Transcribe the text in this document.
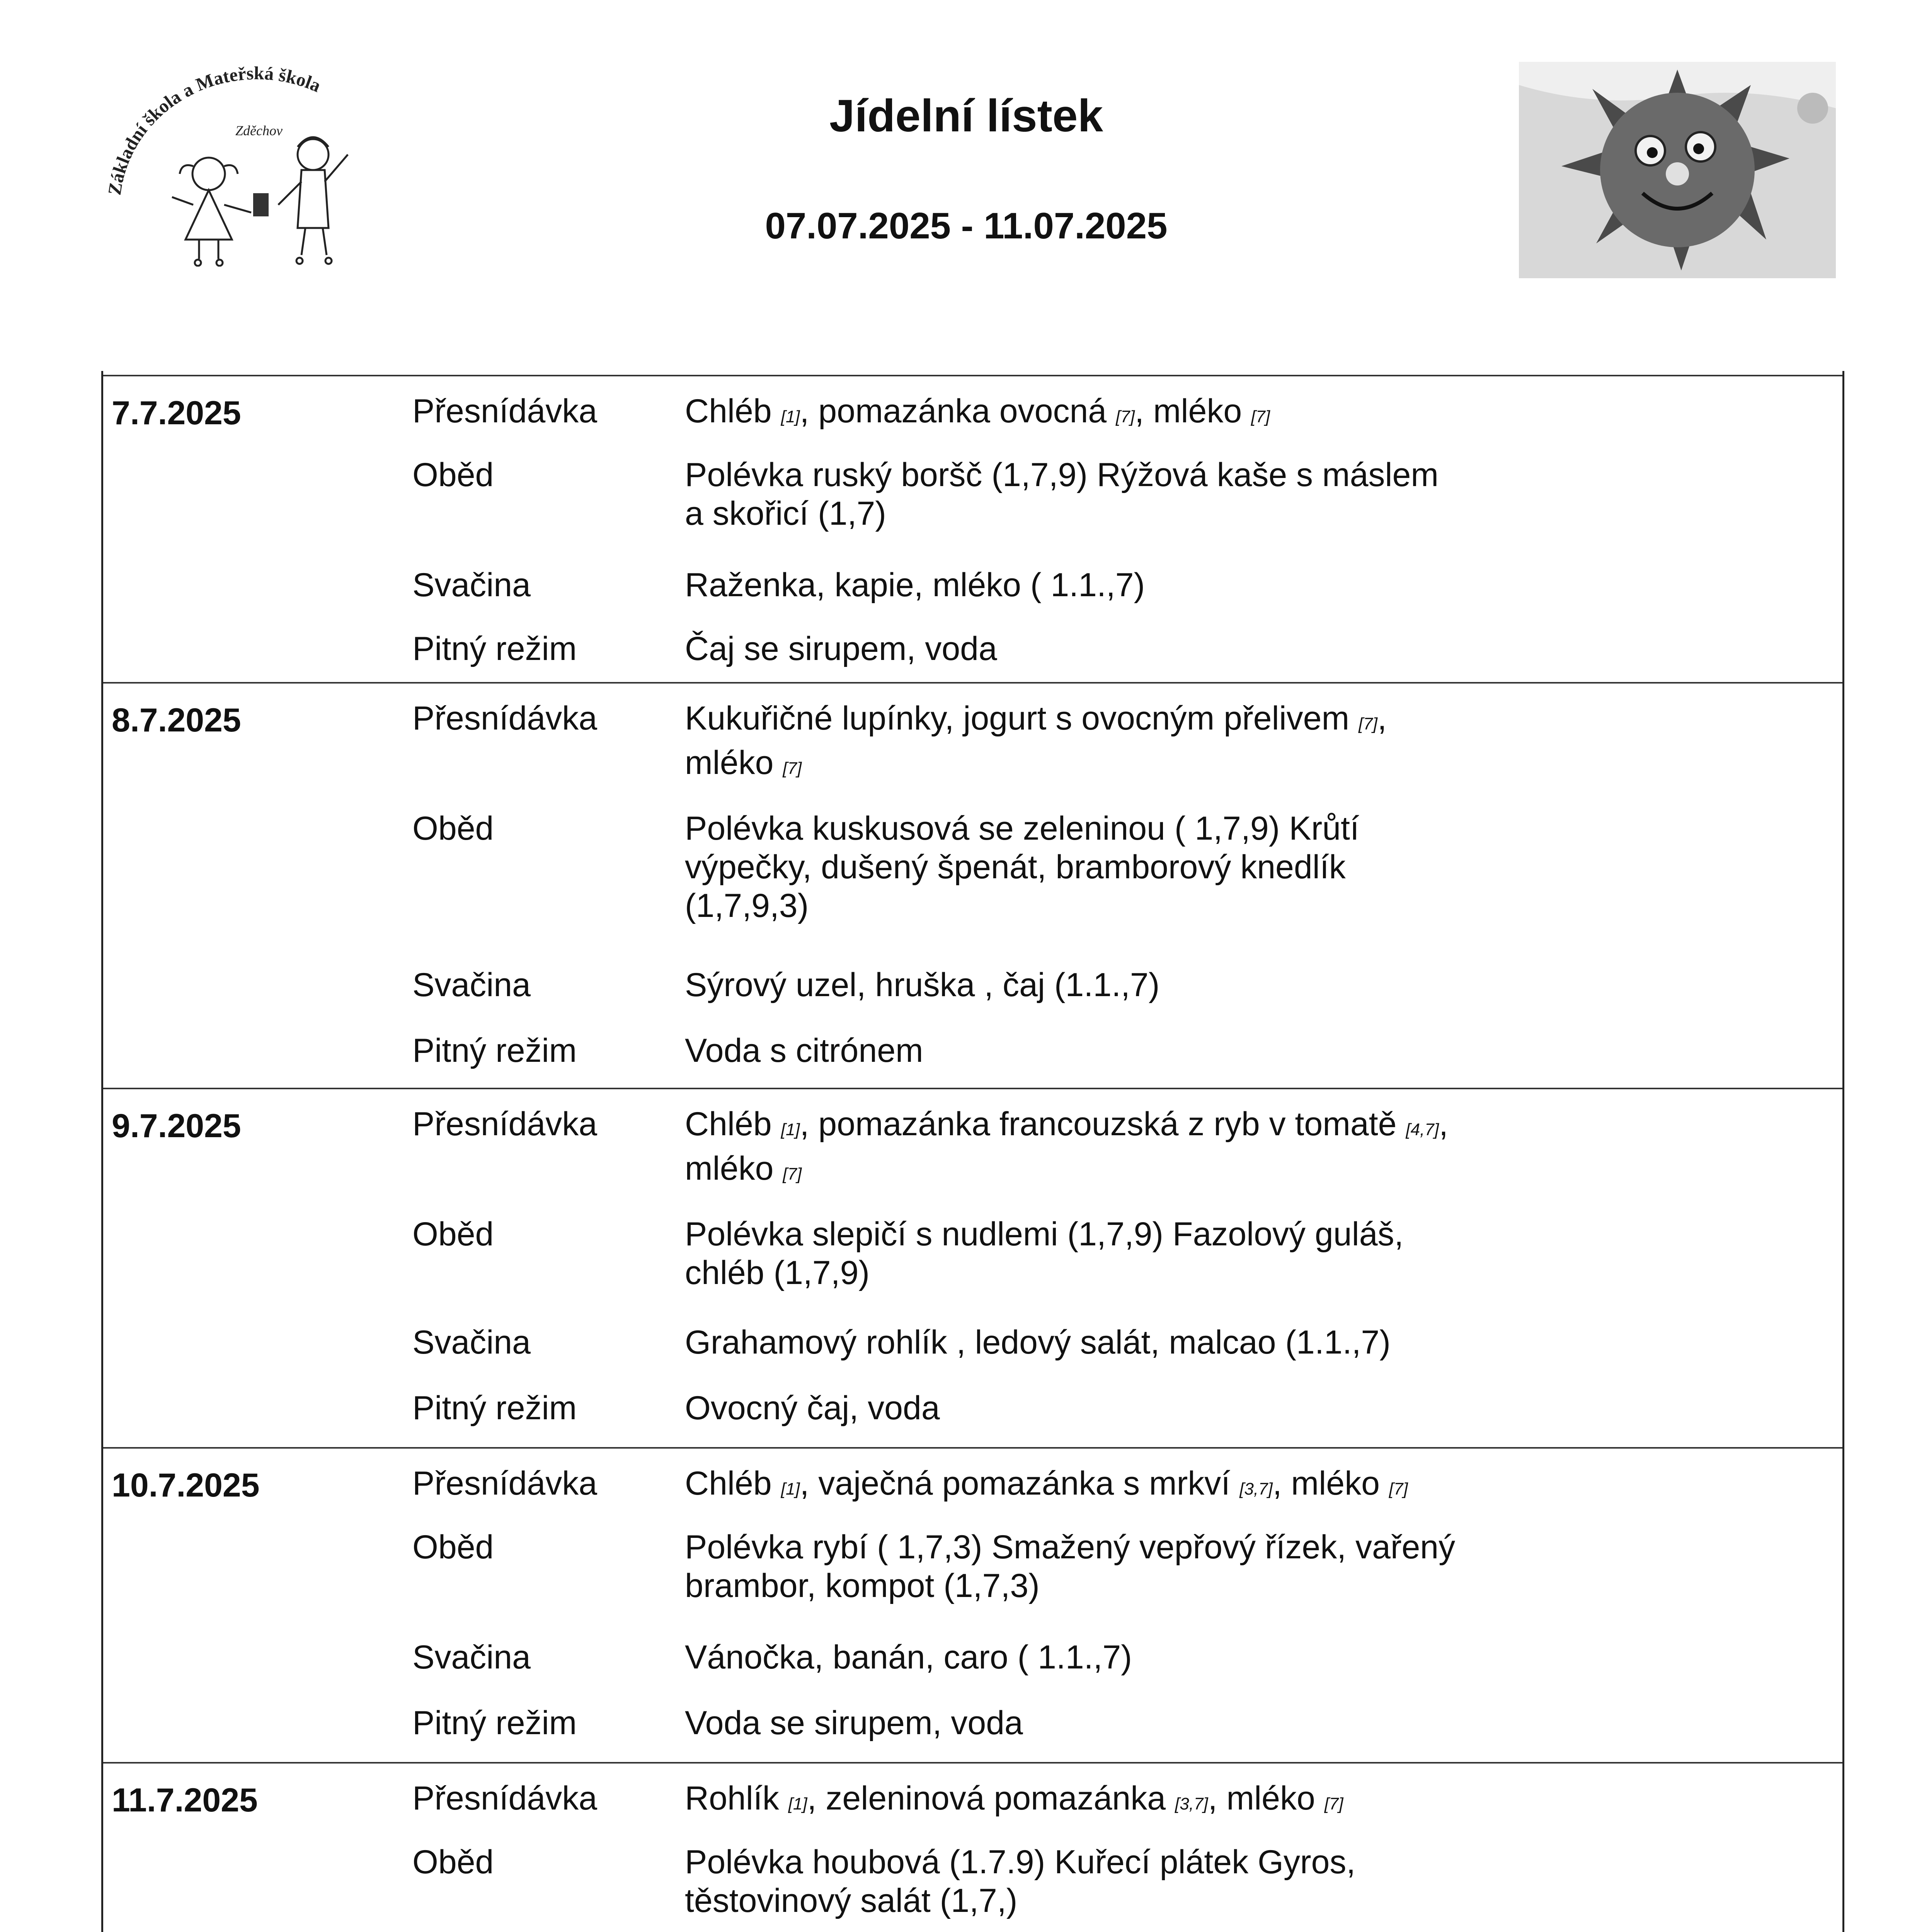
Základní škola a Mateřská škola
Zděchov	Jídelní lístek
07.07.2025 - 11.07.2025
7.7.2025	Přesnídávka	Chléb [1], pomazánka ovocná [7], mléko [7]
Oběd	Polévka ruský boršč (1,7,9) Rýžová kaše s máslem
a skořicí (1,7)
Svačina	Raženka, kapie, mléko ( 1.1.,7)
Pitný režim	Čaj se sirupem, voda
8.7.2025	Přesnídávka	Kukuřičné lupínky, jogurt s ovocným přelivem [7],
mléko [7]
Oběd	Polévka kuskusová se zeleninou ( 1,7,9) Krůtí
výpečky, dušený špenát, bramborový knedlík
(1,7,9,3)
Svačina	Sýrový uzel, hruška , čaj (1.1.,7)
Pitný režim	Voda s citrónem
9.7.2025	Přesnídávka	Chléb [1], pomazánka francouzská z ryb v tomatě [4,7],
mléko [7]
Oběd	Polévka slepičí s nudlemi (1,7,9) Fazolový guláš,
chléb (1,7,9)
Svačina	Grahamový rohlík , ledový salát, malcao (1.1.,7)
Pitný režim	Ovocný čaj, voda
10.7.2025	Přesnídávka	Chléb [1], vaječná pomazánka s mrkví [3,7], mléko [7]
Oběd	Polévka rybí ( 1,7,3) Smažený vepřový řízek, vařený
brambor, kompot (1,7,3)
Svačina	Vánočka, banán, caro ( 1.1.,7)
Pitný režim	Voda se sirupem, voda
11.7.2025	Přesnídávka	Rohlík [1], zeleninová pomazánka [3,7], mléko [7]
Oběd	Polévka houbová (1.7.9) Kuřecí plátek Gyros,
těstovinový salát (1,7,)
